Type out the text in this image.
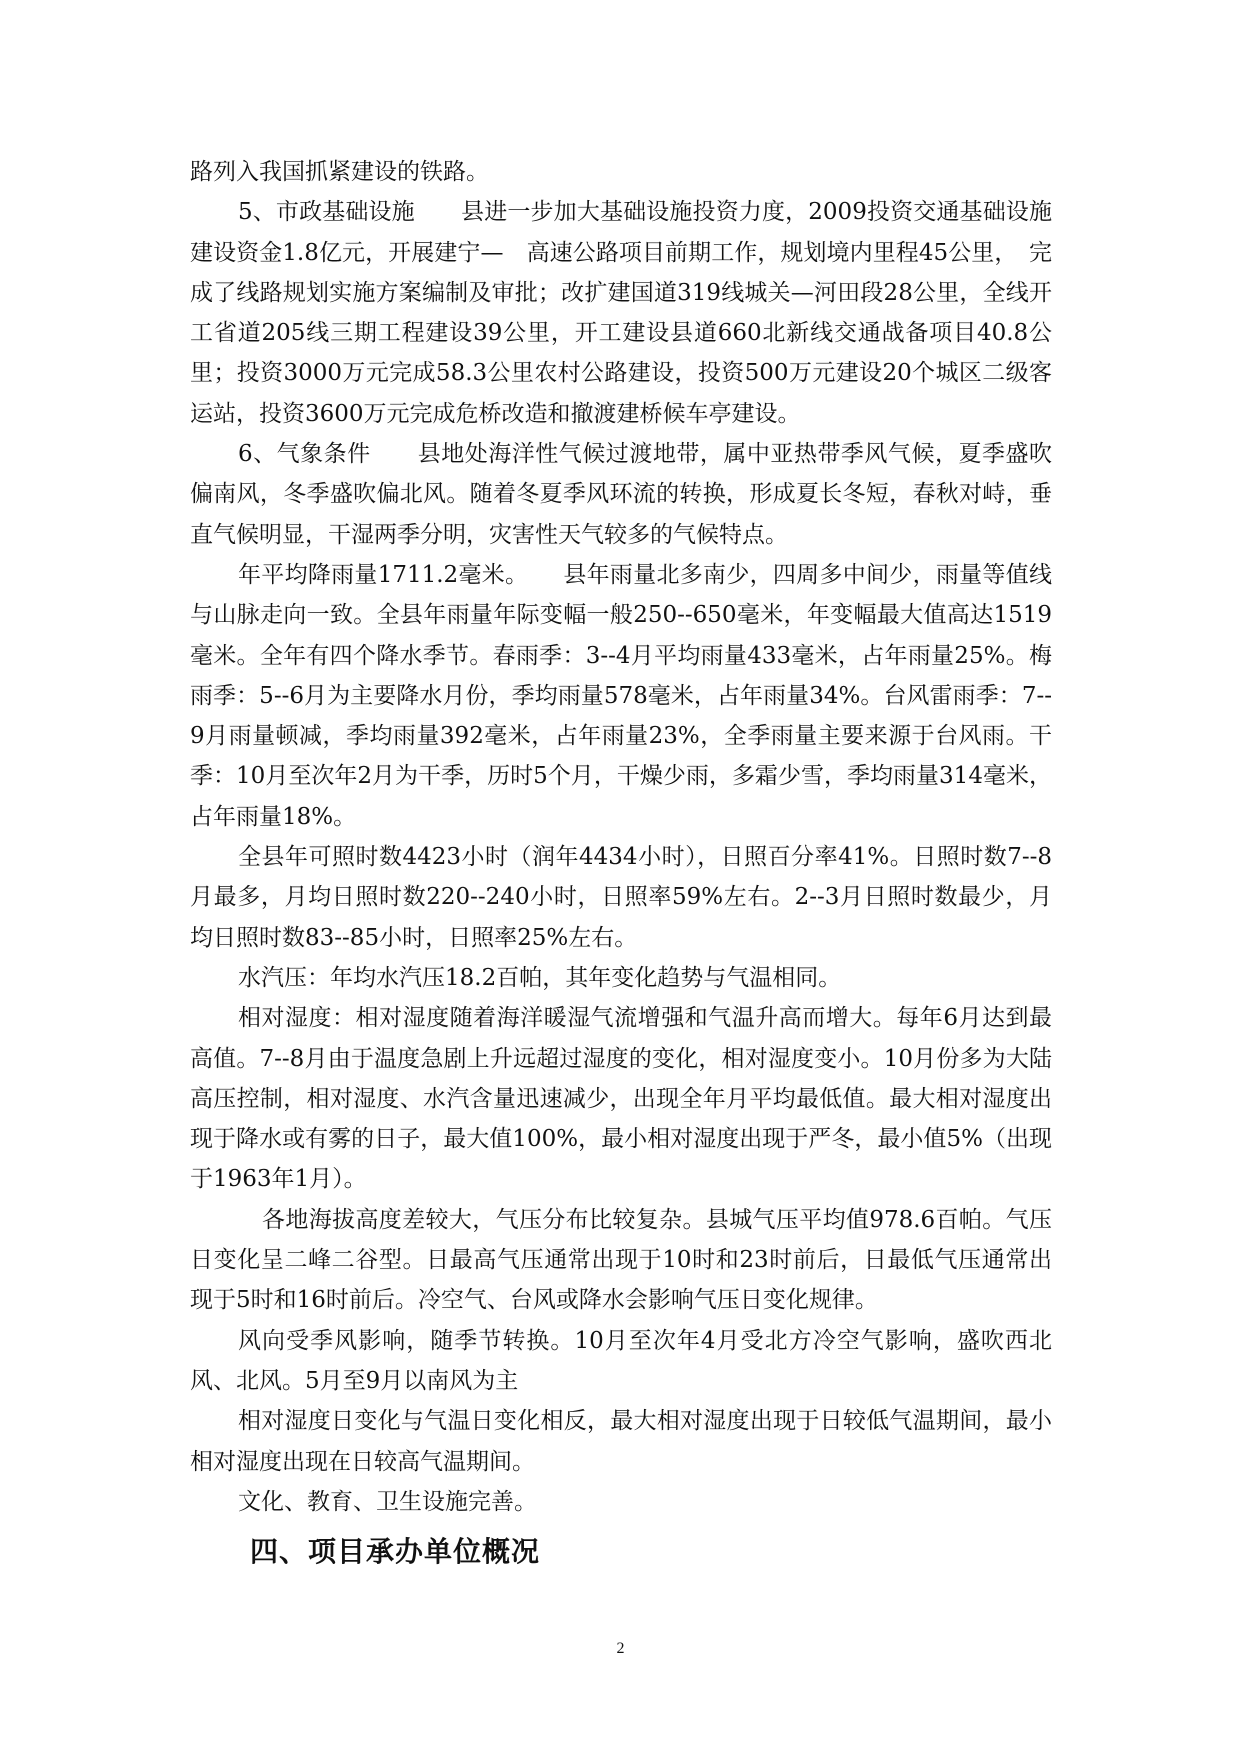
路列入我国抓紧建设的铁路。

5、市政基础设施　　县进一步加大基础设施投资力度，2009投资交通基础设施建设资金1.8亿元，开展建宁—　高速公路项目前期工作，规划境内里程45公里，　完成了线路规划实施方案编制及审批；改扩建国道319线城关—河田段28公里，全线开工省道205线三期工程建设39公里，开工建设县道660北新线交通战备项目40.8公里；投资3000万元完成58.3公里农村公路建设，投资500万元建设20个城区二级客运站，投资3600万元完成危桥改造和撤渡建桥候车亭建设。

6、气象条件　　县地处海洋性气候过渡地带，属中亚热带季风气候，夏季盛吹偏南风，冬季盛吹偏北风。随着冬夏季风环流的转换，形成夏长冬短，春秋对峙，垂直气候明显，干湿两季分明，灾害性天气较多的气候特点。

年平均降雨量1711.2毫米。　　县年雨量北多南少，四周多中间少，雨量等值线与山脉走向一致。全县年雨量年际变幅一般250--650毫米，年变幅最大值高达1519毫米。全年有四个降水季节。春雨季：3--4月平均雨量433毫米，占年雨量25%。梅雨季：5--6月为主要降水月份，季均雨量578毫米，占年雨量34%。台风雷雨季：7--9月雨量顿减，季均雨量392毫米，占年雨量23%，全季雨量主要来源于台风雨。干季：10月至次年2月为干季，历时5个月，干燥少雨，多霜少雪，季均雨量314毫米，占年雨量18%。

全县年可照时数4423小时（润年4434小时），日照百分率41%。日照时数7--8月最多，月均日照时数220--240小时，日照率59%左右。2--3月日照时数最少，月均日照时数83--85小时，日照率25%左右。

水汽压：年均水汽压18.2百帕，其年变化趋势与气温相同。

相对湿度：相对湿度随着海洋暖湿气流增强和气温升高而增大。每年6月达到最高值。7--8月由于温度急剧上升远超过湿度的变化，相对湿度变小。10月份多为大陆高压控制，相对湿度、水汽含量迅速减少，出现全年月平均最低值。最大相对湿度出现于降水或有雾的日子，最大值100%，最小相对湿度出现于严冬，最小值5%（出现于1963年1月）。

各地海拔高度差较大，气压分布比较复杂。县城气压平均值978.6百帕。气压日变化呈二峰二谷型。日最高气压通常出现于10时和23时前后，日最低气压通常出现于5时和16时前后。冷空气、台风或降水会影响气压日变化规律。

风向受季风影响，随季节转换。10月至次年4月受北方冷空气影响，盛吹西北风、北风。5月至9月以南风为主

相对湿度日变化与气温日变化相反，最大相对湿度出现于日较低气温期间，最小相对湿度出现在日较高气温期间。

文化、教育、卫生设施完善。

四、项目承办单位概况
2
